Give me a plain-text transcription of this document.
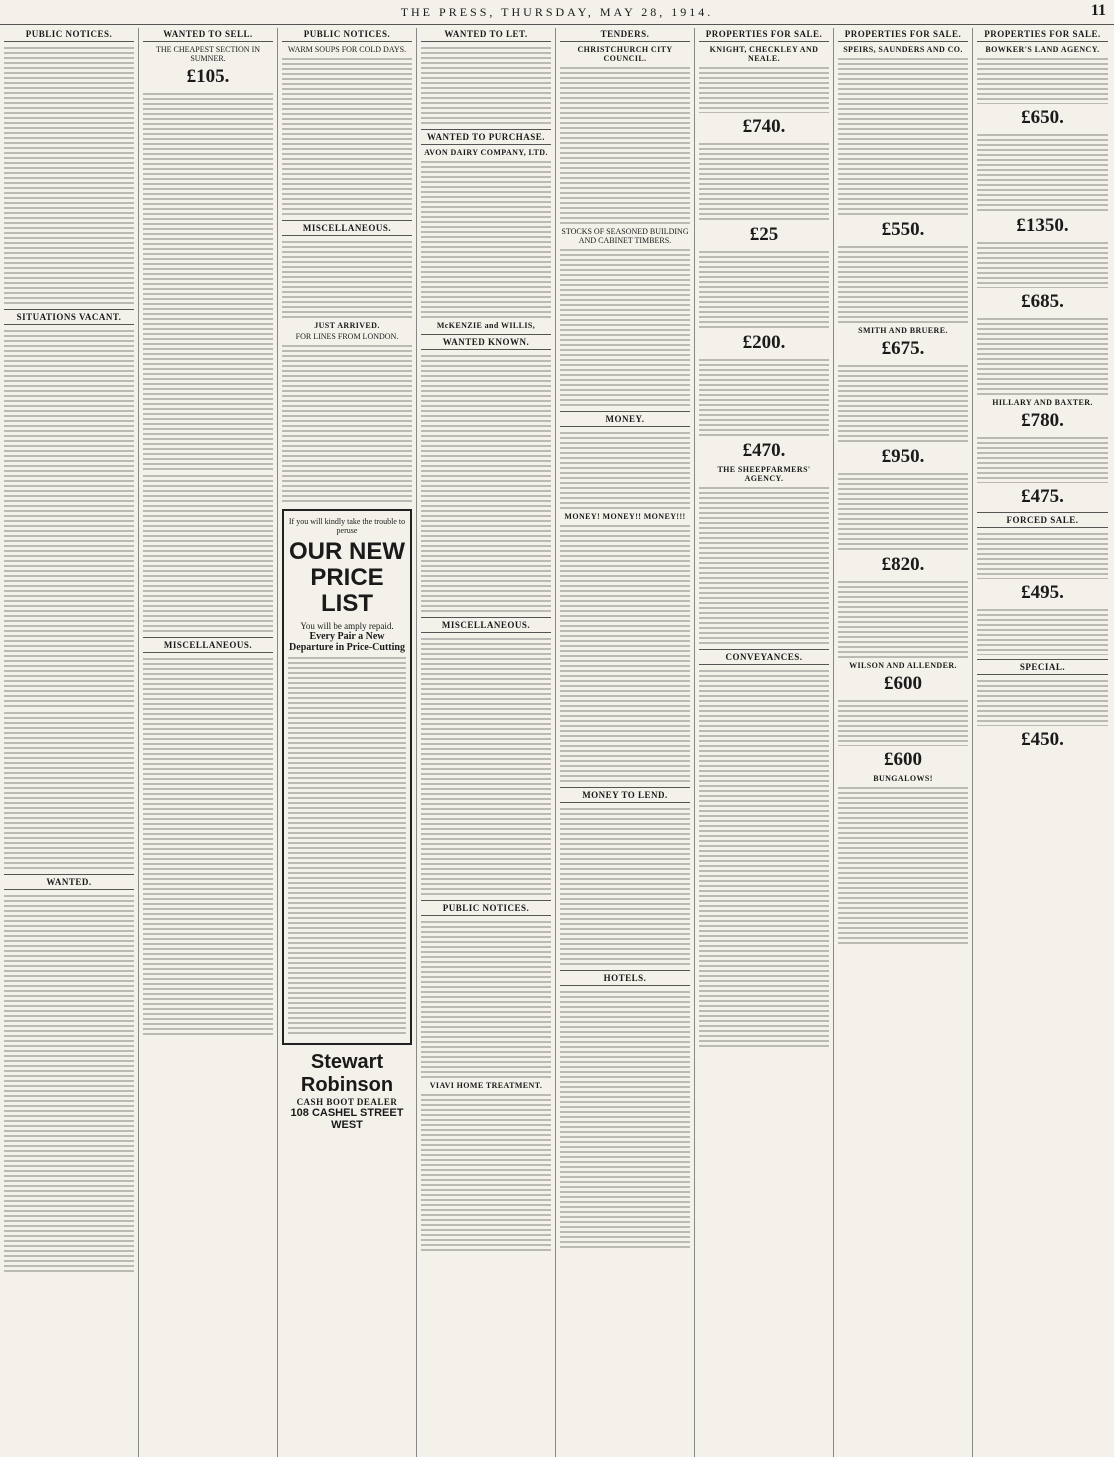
THE PRESS, THURSDAY, MAY 28, 1914.	11
PUBLIC NOTICES.
SITUATIONS VACANT.
WANTED.
WANTED TO SELL.
THE CHEAPEST SECTION IN SUMNER.
£105.
MISCELLANEOUS.
PUBLIC NOTICES.
WARM SOUPS FOR COLD DAYS.
MISCELLANEOUS.
JUST ARRIVED.
FOR LINES FROM LONDON.
If you will kindly take the trouble to peruse
OUR NEW PRICE LIST
You will be amply repaid.
Every Pair a New Departure in Price-Cutting
Stewart Robinson
CASH BOOT DEALER
108 CASHEL STREET WEST
WANTED TO LET.
WANTED TO PURCHASE.
AVON DAIRY COMPANY, LTD.
McKENZIE and WILLIS,
WANTED KNOWN.
MISCELLANEOUS.
PUBLIC NOTICES.
VIAVI HOME TREATMENT.
TENDERS.
CHRISTCHURCH CITY COUNCIL.
STOCKS OF SEASONED BUILDING AND CABINET TIMBERS.
MONEY.
MONEY! MONEY!! MONEY!!!
MONEY TO LEND.
HOTELS.
PROPERTIES FOR SALE.
KNIGHT, CHECKLEY AND NEALE.
£740.
£25
£200.
£470.
THE SHEEPFARMERS' AGENCY.
CONVEYANCES.
PROPERTIES FOR SALE.
SPEIRS, SAUNDERS AND CO.
£550.
SMITH AND BRUERE.
£675.
£950.
£820.
WILSON AND ALLENDER.
£600
£600
BUNGALOWS!
PROPERTIES FOR SALE.
BOWKER'S LAND AGENCY.
£650.
£1350.
£685.
HILLARY AND BAXTER.
£780.
£475.
FORCED SALE.
£495.
SPECIAL.
£450.
